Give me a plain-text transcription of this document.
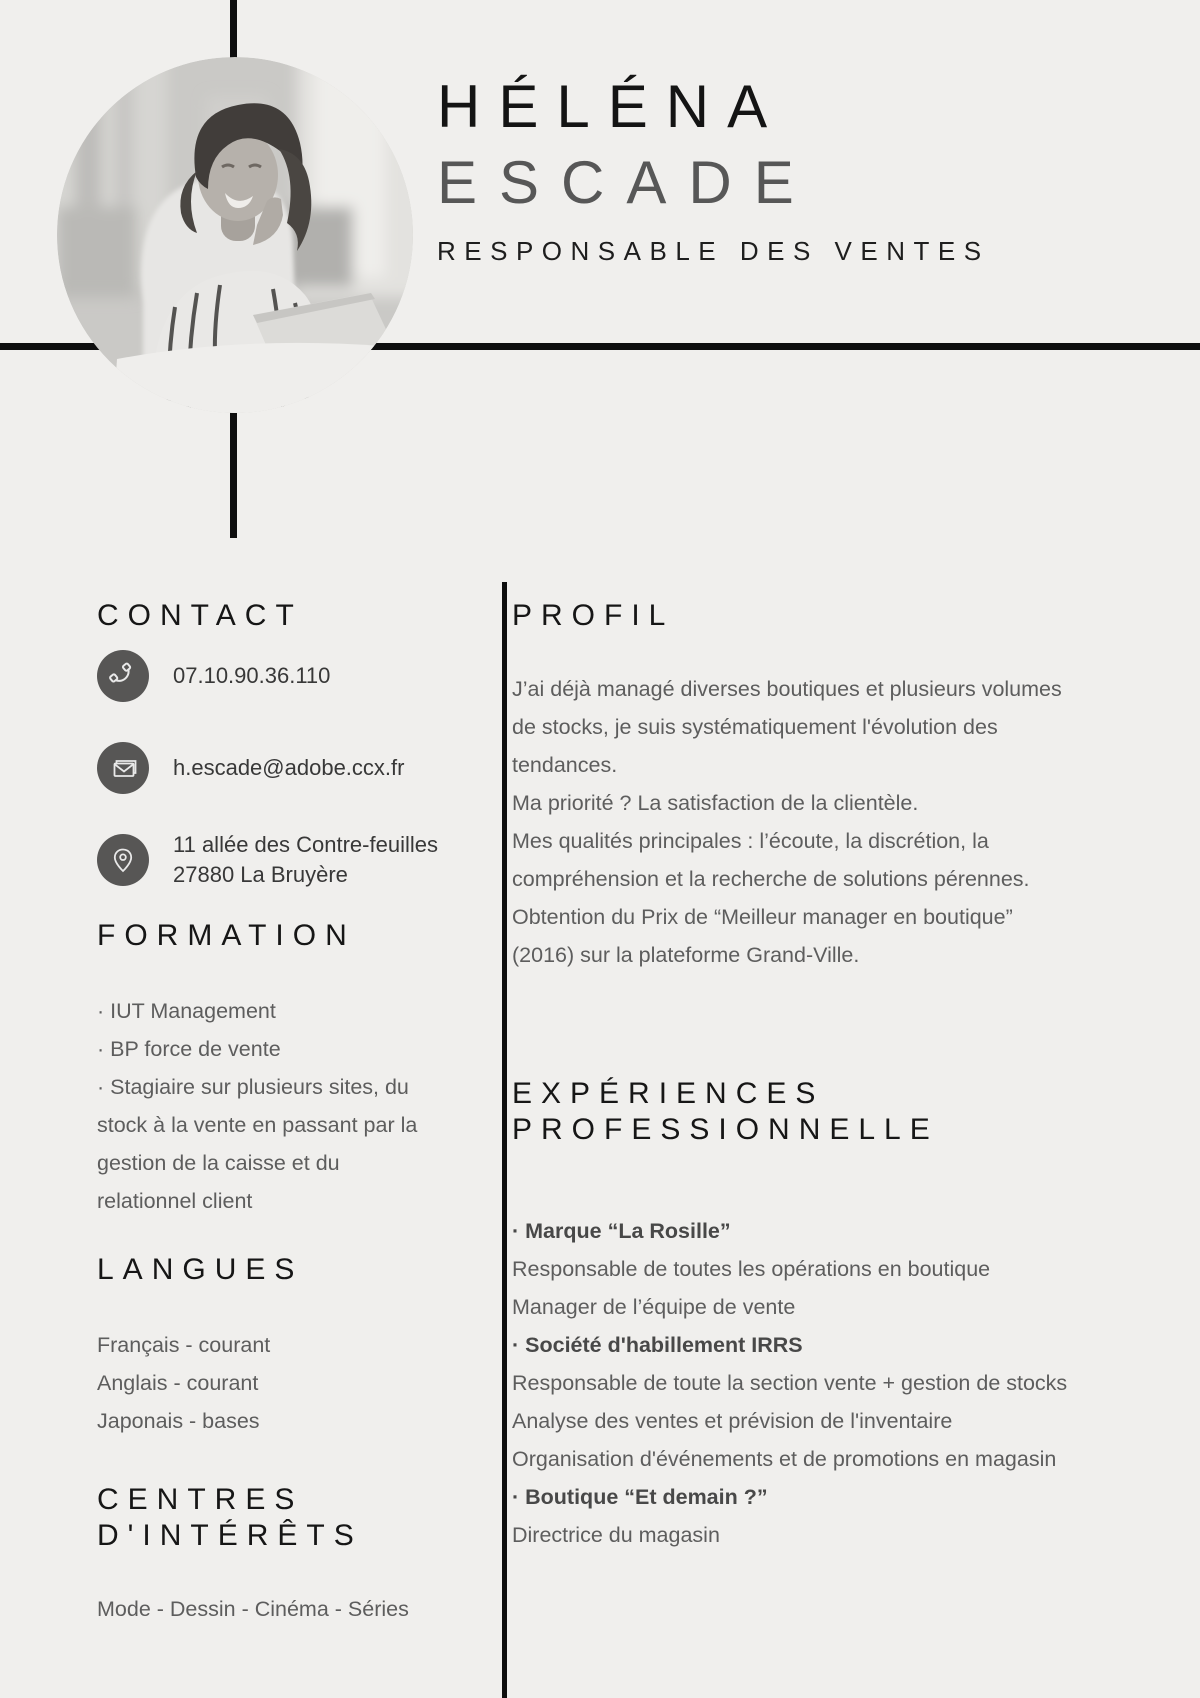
HÉLÉNA
ESCADE
RESPONSABLE DES VENTES
CONTACT
07.10.90.36.110
h.escade@adobe.ccx.fr
11 allée des Contre-feuilles
27880 La Bruyère
FORMATION
· IUT Management
· BP force de vente
· Stagiaire sur plusieurs sites, du stock à la vente en passant par la gestion de la caisse et du relationnel client
LANGUES
Français - courant
Anglais - courant
Japonais - bases
CENTRES
D'INTÉRÊTS
Mode - Dessin - Cinéma - Séries
PROFIL

J’ai déjà managé diverses boutiques et plusieurs volumes de stocks, je suis systématiquement l'évolution des tendances.

Ma priorité ? La satisfaction de la clientèle.

Mes qualités principales : l’écoute, la discrétion, la compréhension et la recherche de solutions pérennes.

Obtention du Prix de “Meilleur manager en boutique” (2016) sur la plateforme Grand-Ville.

EXPÉRIENCES
PROFESSIONNELLE
· Marque “La Rosille”
Responsable de toutes les opérations en boutique
Manager de l’équipe de vente
· Société d'habillement IRRS
Responsable de toute la section vente + gestion de stocks
Analyse des ventes et prévision de l'inventaire
Organisation d'événements et de promotions en magasin
· Boutique “Et demain ?”
Directrice du magasin
